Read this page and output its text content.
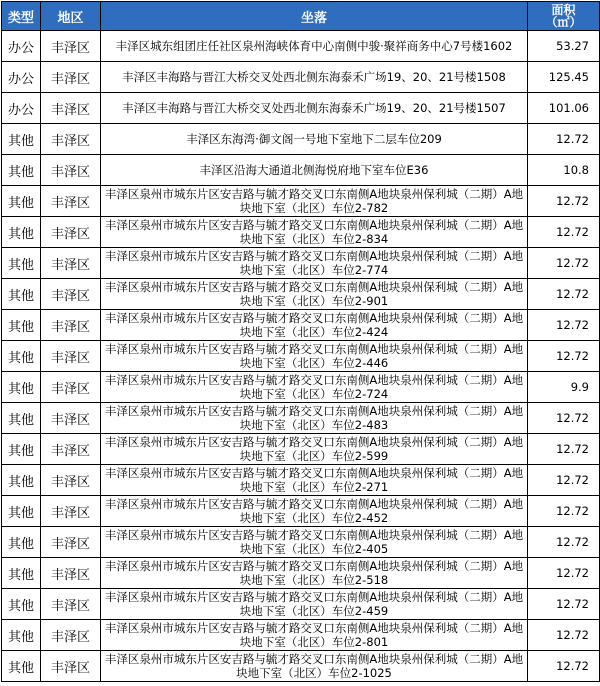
类型	地区	坐落	面积
（㎡）

办公	丰泽区	丰泽区城东组团庄任社区泉州海峡体育中心南侧中骏·聚祥商务中心7号楼1602	53.27
办公	丰泽区	丰泽区丰海路与晋江大桥交叉处西北侧东海泰禾广场19、20、21号楼1508	125.45
办公	丰泽区	丰泽区丰海路与晋江大桥交叉处西北侧东海泰禾广场19、20、21号楼1507	101.06
其他	丰泽区	丰泽区东海湾·御文阁一号地下室地下二层车位209	12.72
其他	丰泽区	丰泽区沿海大通道北侧海悦府地下室车位E36	10.8
其他	丰泽区	丰泽区泉州市城东片区安吉路与毓才路交叉口东南侧A地块泉州保利城（二期）A地块地下室（北区）车位2-782	12.72
其他	丰泽区	丰泽区泉州市城东片区安吉路与毓才路交叉口东南侧A地块泉州保利城（二期）A地块地下室（北区）车位2-834	12.72
其他	丰泽区	丰泽区泉州市城东片区安吉路与毓才路交叉口东南侧A地块泉州保利城（二期）A地块地下室（北区）车位2-774	12.72
其他	丰泽区	丰泽区泉州市城东片区安吉路与毓才路交叉口东南侧A地块泉州保利城（二期）A地块地下室（北区）车位2-901	12.72
其他	丰泽区	丰泽区泉州市城东片区安吉路与毓才路交叉口东南侧A地块泉州保利城（二期）A地块地下室（北区）车位2-424	12.72
其他	丰泽区	丰泽区泉州市城东片区安吉路与毓才路交叉口东南侧A地块泉州保利城（二期）A地块地下室（北区）车位2-446	12.72
其他	丰泽区	丰泽区泉州市城东片区安吉路与毓才路交叉口东南侧A地块泉州保利城（二期）A地块地下室（北区）车位2-724	9.9
其他	丰泽区	丰泽区泉州市城东片区安吉路与毓才路交叉口东南侧A地块泉州保利城（二期）A地块地下室（北区）车位2-483	12.72
其他	丰泽区	丰泽区泉州市城东片区安吉路与毓才路交叉口东南侧A地块泉州保利城（二期）A地块地下室（北区）车位2-599	12.72
其他	丰泽区	丰泽区泉州市城东片区安吉路与毓才路交叉口东南侧A地块泉州保利城（二期）A地块地下室（北区）车位2-271	12.72
其他	丰泽区	丰泽区泉州市城东片区安吉路与毓才路交叉口东南侧A地块泉州保利城（二期）A地块地下室（北区）车位2-452	12.72
其他	丰泽区	丰泽区泉州市城东片区安吉路与毓才路交叉口东南侧A地块泉州保利城（二期）A地块地下室（北区）车位2-405	12.72
其他	丰泽区	丰泽区泉州市城东片区安吉路与毓才路交叉口东南侧A地块泉州保利城（二期）A地块地下室（北区）车位2-518	12.72
其他	丰泽区	丰泽区泉州市城东片区安吉路与毓才路交叉口东南侧A地块泉州保利城（二期）A地块地下室（北区）车位2-459	12.72
其他	丰泽区	丰泽区泉州市城东片区安吉路与毓才路交叉口东南侧A地块泉州保利城（二期）A地块地下室（北区）车位2-801	12.72
其他	丰泽区	丰泽区泉州市城东片区安吉路与毓才路交叉口东南侧A地块泉州保利城（二期）A地块地下室（北区）车位2-1025	12.72
